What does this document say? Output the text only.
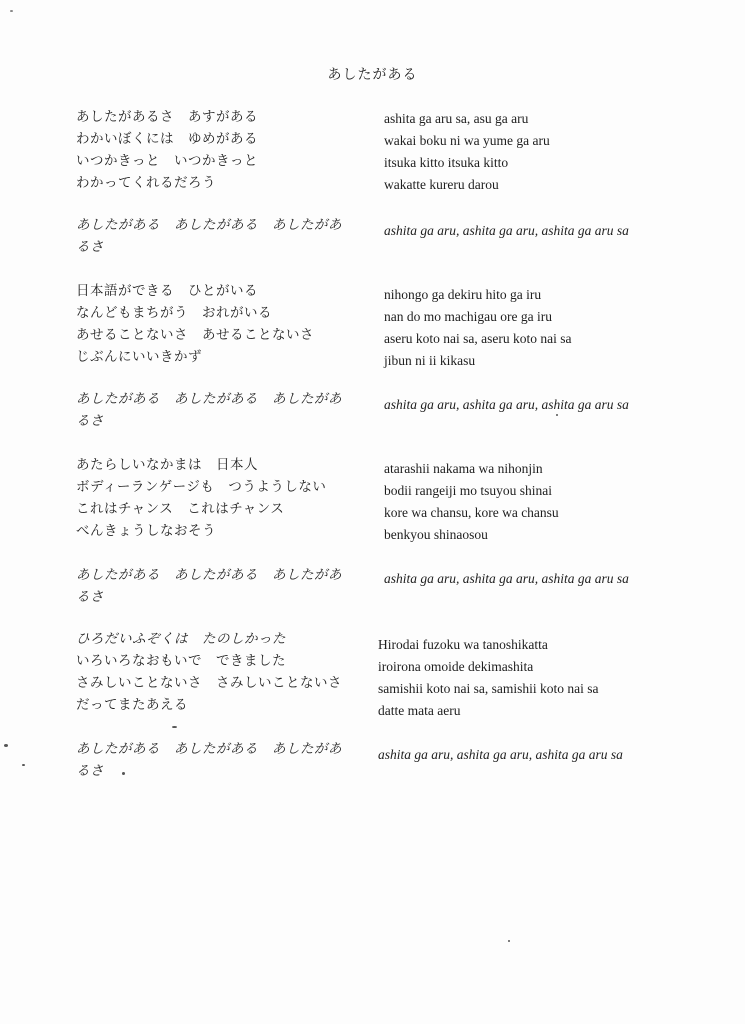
あしたがある
あしたがあるさ　あすがある
わかいぼくには　ゆめがある
いつかきっと　いつかきっと
わかってくれるだろう
ashita ga aru sa, asu ga aru
wakai boku ni wa yume ga aru
itsuka kitto itsuka kitto
wakatte kureru darou
あしたがある　あしたがある　あしたがあ
るさ
ashita ga aru, ashita ga aru, ashita ga aru sa
日本語ができる　ひとがいる
なんどもまちがう　おれがいる
あせることないさ　あせることないさ
じぶんにいいきかず
nihongo ga dekiru hito ga iru
nan do mo machigau ore ga iru
aseru koto nai sa, aseru koto nai sa
jibun ni ii kikasu
あしたがある　あしたがある　あしたがあ
るさ
ashita ga aru, ashita ga aru, ashita ga aru sa
あたらしいなかまは　日本人
ボディーランゲージも　つうようしない
これはチャンス　これはチャンス
べんきょうしなおそう
atarashii nakama wa nihonjin
bodii rangeiji mo tsuyou shinai
kore wa chansu, kore wa chansu
benkyou shinaosou
あしたがある　あしたがある　あしたがあ
るさ
ashita ga aru, ashita ga aru, ashita ga aru sa
ひろだいふぞくは　たのしかった
いろいろなおもいで　できました
さみしいことないさ　さみしいことないさ
だってまたあえる
Hirodai fuzoku wa tanoshikatta
iroirona omoide dekimashita
samishii koto nai sa, samishii koto nai sa
datte mata aeru
あしたがある　あしたがある　あしたがあ
るさ
ashita ga aru, ashita ga aru, ashita ga aru sa
